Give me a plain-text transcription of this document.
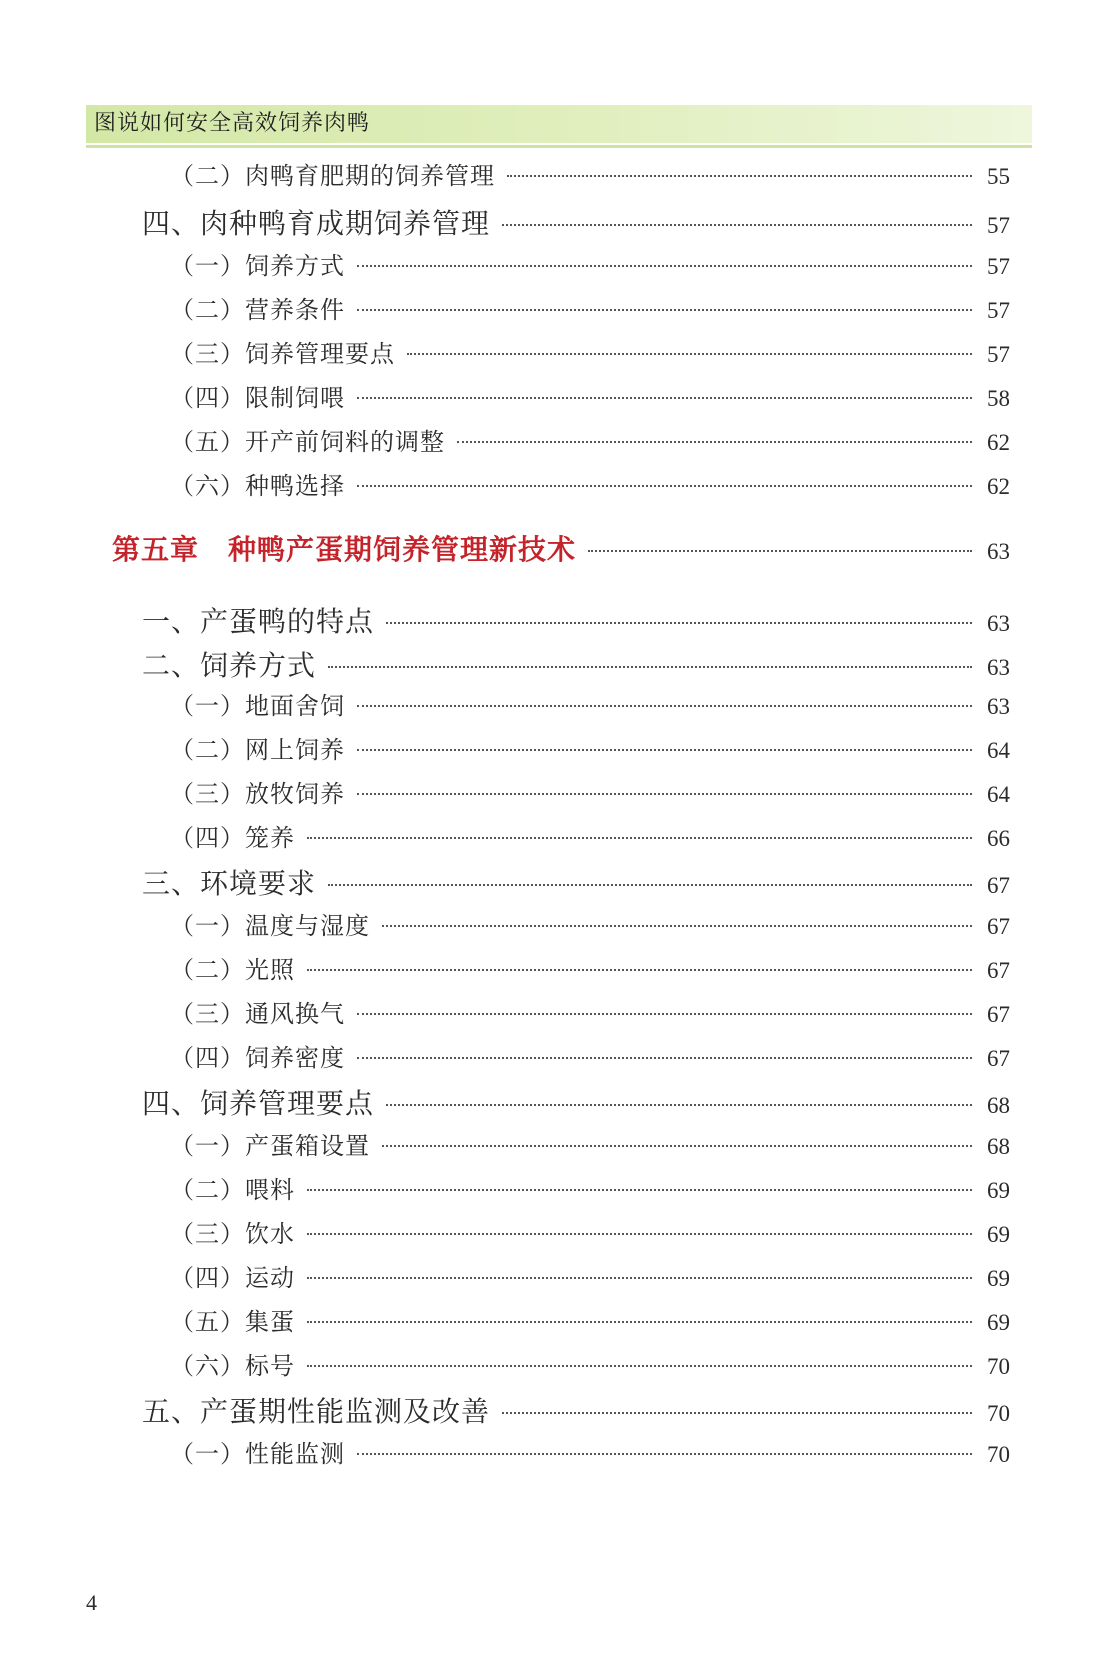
图说如何安全高效饲养肉鸭
（二）肉鸭育肥期的饲养管理	55
四、肉种鸭育成期饲养管理	57
（一）饲养方式	57
（二）营养条件	57
（三）饲养管理要点	57
（四）限制饲喂	58
（五）开产前饲料的调整	62
（六）种鸭选择	62
第五章　种鸭产蛋期饲养管理新技术	63
一、产蛋鸭的特点	63
二、饲养方式	63
（一）地面舍饲	63
（二）网上饲养	64
（三）放牧饲养	64
（四）笼养	66
三、环境要求	67
（一）温度与湿度	67
（二）光照	67
（三）通风换气	67
（四）饲养密度	67
四、饲养管理要点	68
（一）产蛋箱设置	68
（二）喂料	69
（三）饮水	69
（四）运动	69
（五）集蛋	69
（六）标号	70
五、产蛋期性能监测及改善	70
（一）性能监测	70
4
